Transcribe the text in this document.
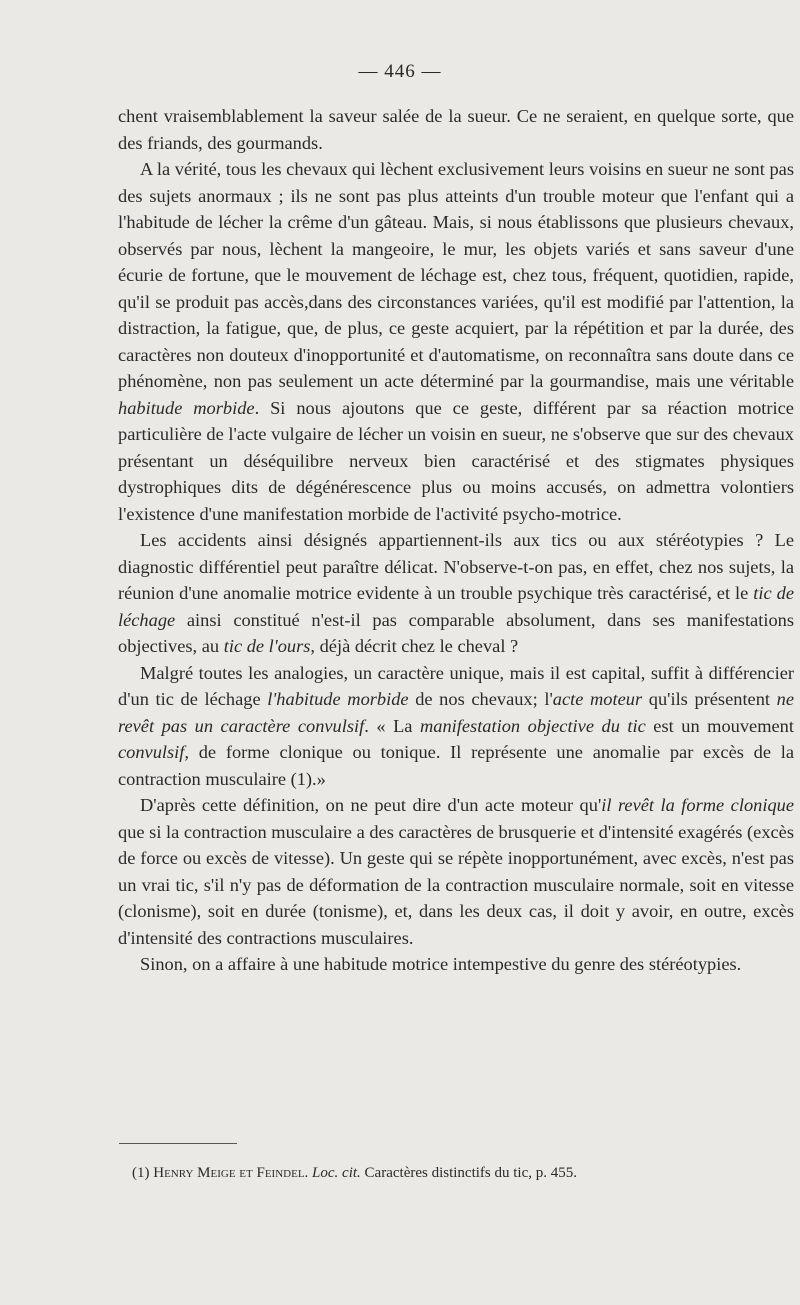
— 446 —

chent vraisemblablement la saveur salée de la sueur. Ce ne seraient, en quelque sorte, que des friands, des gourmands.

A la vérité, tous les chevaux qui lèchent exclusivement leurs voisins en sueur ne sont pas des sujets anormaux ; ils ne sont pas plus atteints d'un trouble moteur que l'enfant qui a l'habitude de lécher la crême d'un gâteau. Mais, si nous établissons que plusieurs chevaux, observés par nous, lèchent la mangeoire, le mur, les objets variés et sans saveur d'une écurie de fortune, que le mouvement de léchage est, chez tous, fréquent, quotidien, rapide, qu'il se produit pas accès,dans des circonstances variées, qu'il est modifié par l'attention, la distraction, la fatigue, que, de plus, ce geste acquiert, par la répétition et par la durée, des caractères non douteux d'inopportunité et d'automatisme, on reconnaîtra sans doute dans ce phénomène, non pas seulement un acte déterminé par la gourmandise, mais une véritable habitude morbide. Si nous ajoutons que ce geste, différent par sa réaction motrice particulière de l'acte vulgaire de lécher un voisin en sueur, ne s'observe que sur des chevaux présentant un déséquilibre nerveux bien caractérisé et des stigmates physiques dystrophiques dits de dégénérescence plus ou moins accusés, on admettra volontiers l'existence d'une manifestation morbide de l'activité psycho-motrice.

Les accidents ainsi désignés appartiennent-ils aux tics ou aux stéréotypies ? Le diagnostic différentiel peut paraître délicat. N'observe-t-on pas, en effet, chez nos sujets, la réunion d'une anomalie motrice evidente à un trouble psychique très caractérisé, et le tic de léchage ainsi constitué n'est-il pas comparable absolument, dans ses manifestations objectives, au tic de l'ours, déjà décrit chez le cheval ?

Malgré toutes les analogies, un caractère unique, mais il est capital, suffit à différencier d'un tic de léchage l'habitude morbide de nos chevaux; l'acte moteur qu'ils présentent ne revêt pas un caractère convulsif. « La manifestation objective du tic est un mouvement convulsif, de forme clonique ou tonique. Il représente une anomalie par excès de la contraction musculaire (1).»

D'après cette définition, on ne peut dire d'un acte moteur qu'il revêt la forme clonique que si la contraction musculaire a des caractères de brusquerie et d'intensité exagérés (excès de force ou excès de vitesse). Un geste qui se répète inopportunément, avec excès, n'est pas un vrai tic, s'il n'y pas de déformation de la contraction musculaire normale, soit en vitesse (clonisme), soit en durée (tonisme), et, dans les deux cas, il doit y avoir, en outre, excès d'intensité des contractions musculaires.

Sinon, on a affaire à une habitude motrice intempestive du genre des stéréotypies.

(1) Henry Meige et Feindel. Loc. cit. Caractères distinctifs du tic, p. 455.
